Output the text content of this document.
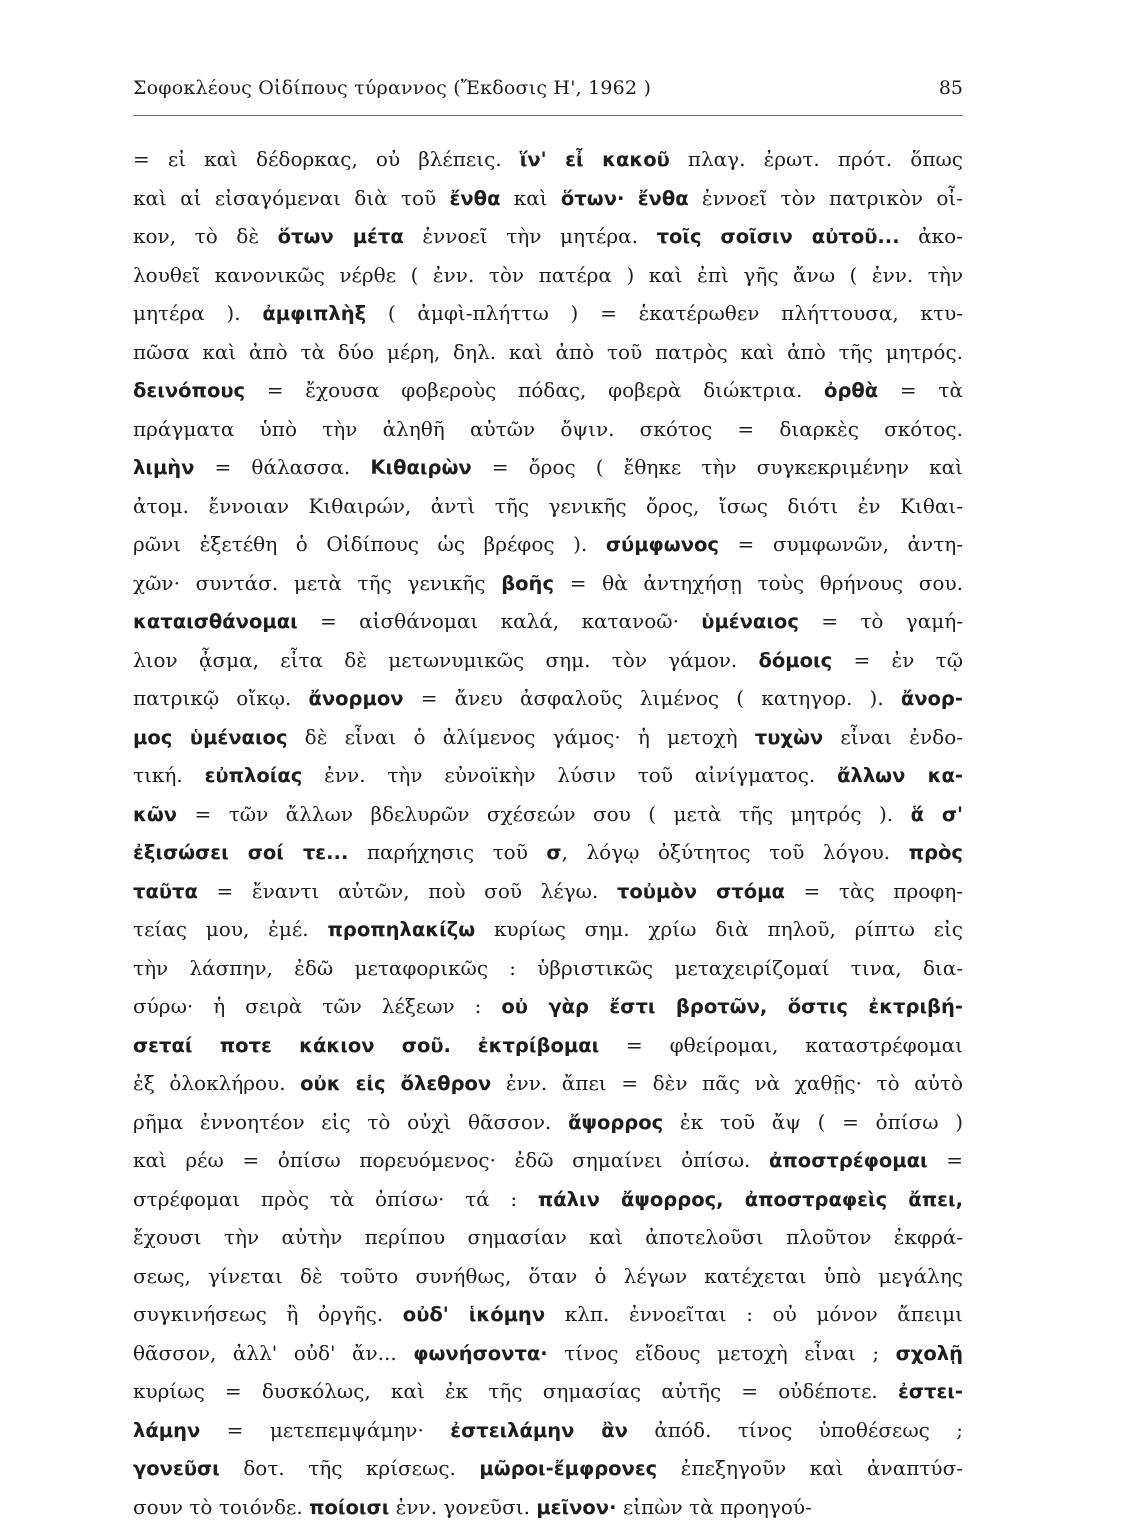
Σοφοκλέους Οἰδίπους τύραννος (Ἔκδοσις Η', 1962 )	85
= εἰ καὶ δέδορκας, οὐ βλέπεις. ἵν' εἶ κακοῦ πλαγ. ἐρωτ. πρότ. ὅπως
καὶ αἱ εἰσαγόμεναι διὰ τοῦ ἔνθα καὶ ὅτων· ἔνθα ἐννοεῖ τὸν πατρικὸν οἶ-
κον, τὸ δὲ ὅτων μέτα ἐννοεῖ τὴν μητέρα. τοῖς σοῖσιν αὐτοῦ... ἀκο-
λουθεῖ κανονικῶς νέρθε ( ἐνν. τὸν πατέρα ) καὶ ἐπὶ γῆς ἄνω ( ἐνν. τὴν
μητέρα ). ἀμφιπλὴξ ( ἀμφὶ-πλήττω ) = ἑκατέρωθεν πλήττουσα, κτυ-
πῶσα καὶ ἀπὸ τὰ δύο μέρη, δηλ. καὶ ἀπὸ τοῦ πατρὸς καὶ ἀπὸ τῆς μητρός.
δεινόπους = ἔχουσα φοβεροὺς πόδας, φοβερὰ διώκτρια. ὀρθὰ = τὰ
πράγματα ὑπὸ τὴν ἀληθῆ αὐτῶν ὄψιν. σκότος = διαρκὲς σκότος.
λιμὴν = θάλασσα. Κιθαιρὼν = ὄρος ( ἔθηκε τὴν συγκεκριμένην καὶ
ἀτομ. ἔννοιαν Κιθαιρών, ἀντὶ τῆς γενικῆς ὄρος, ἴσως διότι ἐν Κιθαι-
ρῶνι ἐξετέθη ὁ Οἰδίπους ὡς βρέφος ). σύμφωνος = συμφωνῶν, ἀντη-
χῶν· συντάσ. μετὰ τῆς γενικῆς βοῆς = θὰ ἀντηχήσῃ τοὺς θρήνους σου.
καταισθάνομαι = αἰσθάνομαι καλά, κατανοῶ· ὑμέναιος = τὸ γαμή-
λιον ᾆσμα, εἶτα δὲ μετωνυμικῶς σημ. τὸν γάμον. δόμοις = ἐν τῷ
πατρικῷ οἴκῳ. ἄνορμον = ἄνευ ἀσφαλοῦς λιμένος ( κατηγορ. ). ἄνορ-
μος ὑμέναιος δὲ εἶναι ὁ ἀλίμενος γάμος· ἡ μετοχὴ τυχὼν εἶναι ἐνδο-
τική. εὐπλοίας ἐνν. τὴν εὐνοϊκὴν λύσιν τοῦ αἰνίγματος. ἄλλων κα-
κῶν = τῶν ἄλλων βδελυρῶν σχέσεών σου ( μετὰ τῆς μητρός ). ἅ σ'
ἐξισώσει σοί τε... παρήχησις τοῦ σ, λόγῳ ὀξύτητος τοῦ λόγου. πρὸς
ταῦτα = ἔναντι αὐτῶν, ποὺ σοῦ λέγω. τοὐμὸν στόμα = τὰς προφη-
τείας μου, ἐμέ. προπηλακίζω κυρίως σημ. χρίω διὰ πηλοῦ, ρίπτω εἰς
τὴν λάσπην, ἐδῶ μεταφορικῶς : ὑβριστικῶς μεταχειρίζομαί τινα, δια-
σύρω· ἡ σειρὰ τῶν λέξεων : οὐ γὰρ ἔστι βροτῶν, ὅστις ἐκτριβή-
σεταί ποτε κάκιον σοῦ. ἐκτρίβομαι = φθείρομαι, καταστρέφομαι
ἐξ ὁλοκλήρου. οὐκ εἰς ὄλεθρον ἐνν. ἄπει = δὲν πᾶς νὰ χαθῇς· τὸ αὐτὸ
ρῆμα ἐννοητέον εἰς τὸ οὐχὶ θᾶσσον. ἄψορρος ἐκ τοῦ ἄψ ( = ὀπίσω )
καὶ ρέω = ὀπίσω πορευόμενος· ἐδῶ σημαίνει ὀπίσω. ἀποστρέφομαι =
στρέφομαι πρὸς τὰ ὀπίσω· τά : πάλιν ἄψορρος, ἀποστραφεὶς ἄπει,
ἔχουσι τὴν αὐτὴν περίπου σημασίαν καὶ ἀποτελοῦσι πλοῦτον ἐκφρά-
σεως, γίνεται δὲ τοῦτο συνήθως, ὅταν ὁ λέγων κατέχεται ὑπὸ μεγάλης
συγκινήσεως ἢ ὀργῆς. οὐδ' ἱκόμην κλπ. ἐννοεῖται : οὐ μόνον ἄπειμι
θᾶσσον, ἀλλ' οὐδ' ἄν... φωνήσοντα· τίνος εἴδους μετοχὴ εἶναι ; σχολῇ
κυρίως = δυσκόλως, καὶ ἐκ τῆς σημασίας αὐτῆς = οὐδέποτε. ἐστει-
λάμην = μετεπεμψάμην· ἐστειλάμην ἂν ἀπόδ. τίνος ὑποθέσεως ;
γονεῦσι δοτ. τῆς κρίσεως. μῶροι-ἔμφρονες ἐπεξηγοῦν καὶ ἀναπτύσ-
σουν τὸ τοιόνδε. ποίοισι ἐνν. γονεῦσι. μεῖνον· εἰπὼν τὰ προηγού-
